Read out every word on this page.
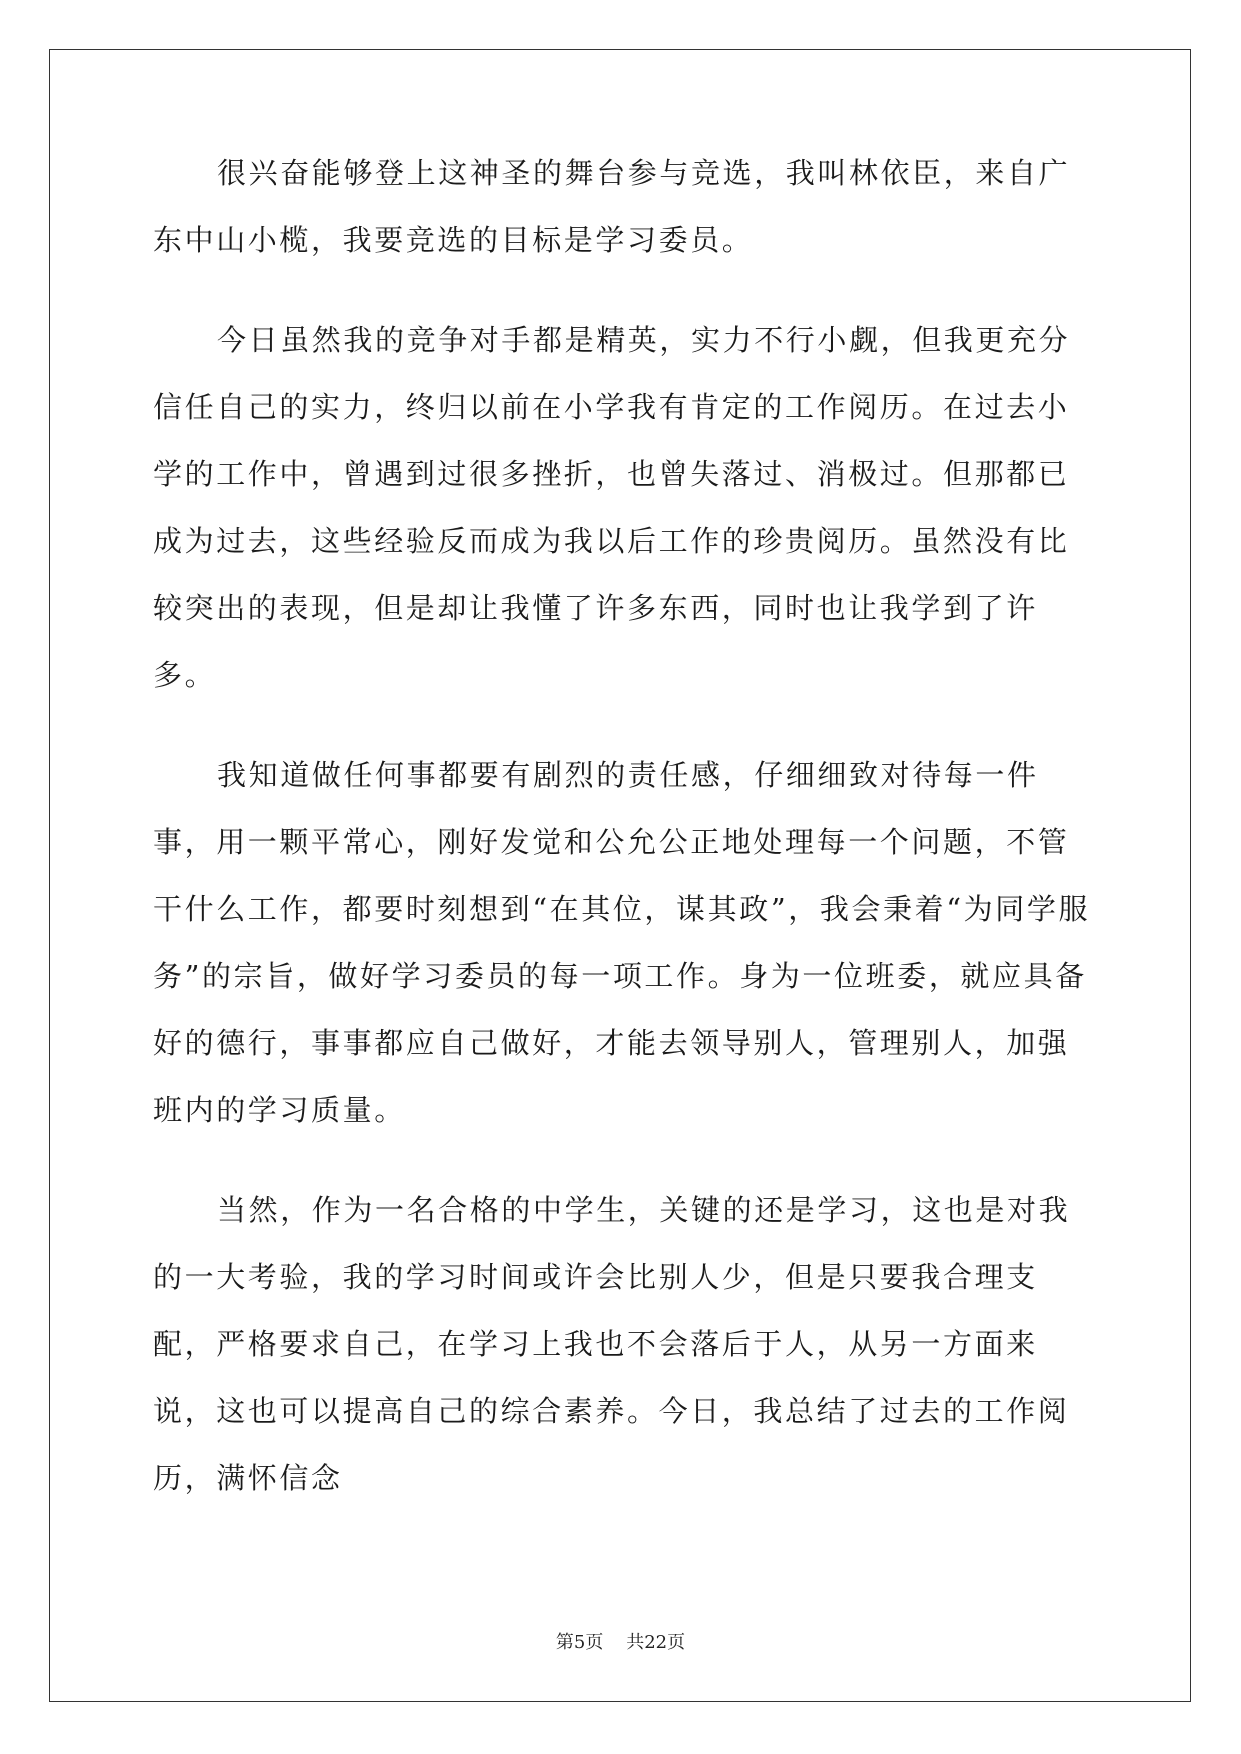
很兴奋能够登上这神圣的舞台参与竞选，我叫林依臣，来自广东中山小榄，我要竞选的目标是学习委员。

今日虽然我的竞争对手都是精英，实力不行小觑，但我更充分信任自己的实力，终归以前在小学我有肯定的工作阅历。在过去小学的工作中，曾遇到过很多挫折，也曾失落过、消极过。但那都已成为过去，这些经验反而成为我以后工作的珍贵阅历。虽然没有比较突出的表现，但是却让我懂了许多东西，同时也让我学到了许多。

我知道做任何事都要有剧烈的责任感，仔细细致对待每一件事，用一颗平常心，刚好发觉和公允公正地处理每一个问题，不管干什么工作，都要时刻想到“在其位，谋其政”，我会秉着“为同学服务”的宗旨，做好学习委员的每一项工作。身为一位班委，就应具备好的德行，事事都应自己做好，才能去领导别人，管理别人，加强班内的学习质量。

当然，作为一名合格的中学生，关键的还是学习，这也是对我的一大考验，我的学习时间或许会比别人少，但是只要我合理支配，严格要求自己，在学习上我也不会落后于人，从另一方面来说，这也可以提高自己的综合素养。今日，我总结了过去的工作阅历，满怀信念

第5页 共22页
